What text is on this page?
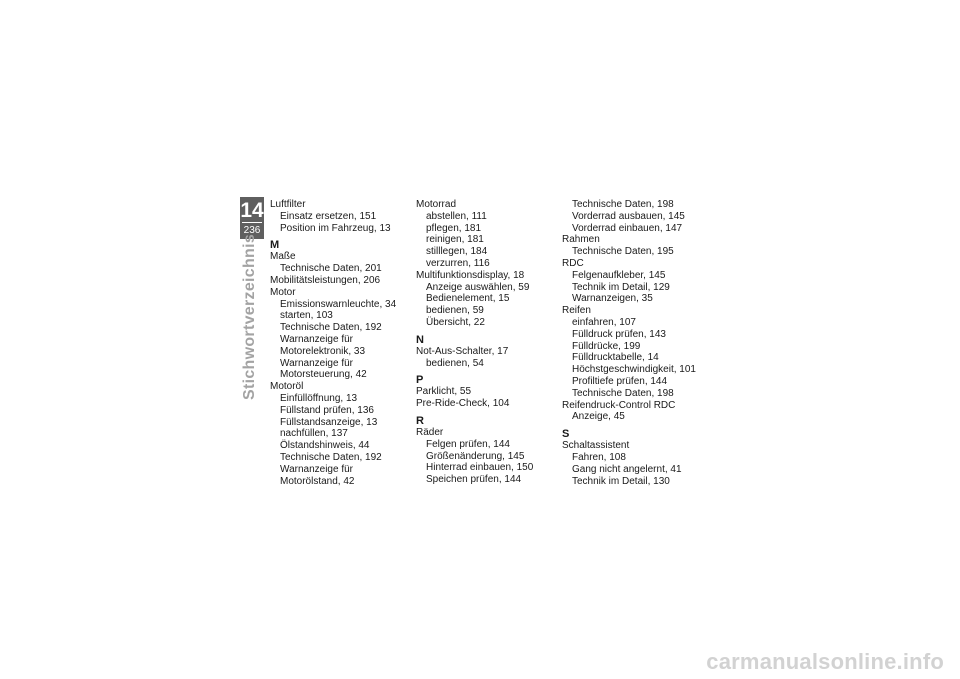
14
236
Stichwortverzeichnis
Luftfilter
Einsatz ersetzen, 151
Position im Fahrzeug, 13
M
Maße
Technische Daten, 201
Mobilitätsleistungen, 206
Motor
Emissionswarnleuchte, 34
starten, 103
Technische Daten, 192
Warnanzeige für
Motorelektronik, 33
Warnanzeige für
Motorsteuerung, 42
Motoröl
Einfüllöffnung, 13
Füllstand prüfen, 136
Füllstandsanzeige, 13
nachfüllen, 137
Ölstandshinweis, 44
Technische Daten, 192
Warnanzeige für
Motorölstand, 42
Motorrad
abstellen, 111
pflegen, 181
reinigen, 181
stilllegen, 184
verzurren, 116
Multifunktionsdisplay, 18
Anzeige auswählen, 59
Bedienelement, 15
bedienen, 59
Übersicht, 22
N
Not-Aus-Schalter, 17
bedienen, 54
P
Parklicht, 55
Pre-Ride-Check, 104
R
Räder
Felgen prüfen, 144
Größenänderung, 145
Hinterrad einbauen, 150
Speichen prüfen, 144
Technische Daten, 198
Vorderrad ausbauen, 145
Vorderrad einbauen, 147
Rahmen
Technische Daten, 195
RDC
Felgenaufkleber, 145
Technik im Detail, 129
Warnanzeigen, 35
Reifen
einfahren, 107
Fülldruck prüfen, 143
Fülldrücke, 199
Fülldrucktabelle, 14
Höchstgeschwindigkeit, 101
Profiltiefe prüfen, 144
Technische Daten, 198
Reifendruck-Control RDC
Anzeige, 45
S
Schaltassistent
Fahren, 108
Gang nicht angelernt, 41
Technik im Detail, 130
carmanualsonline.info
